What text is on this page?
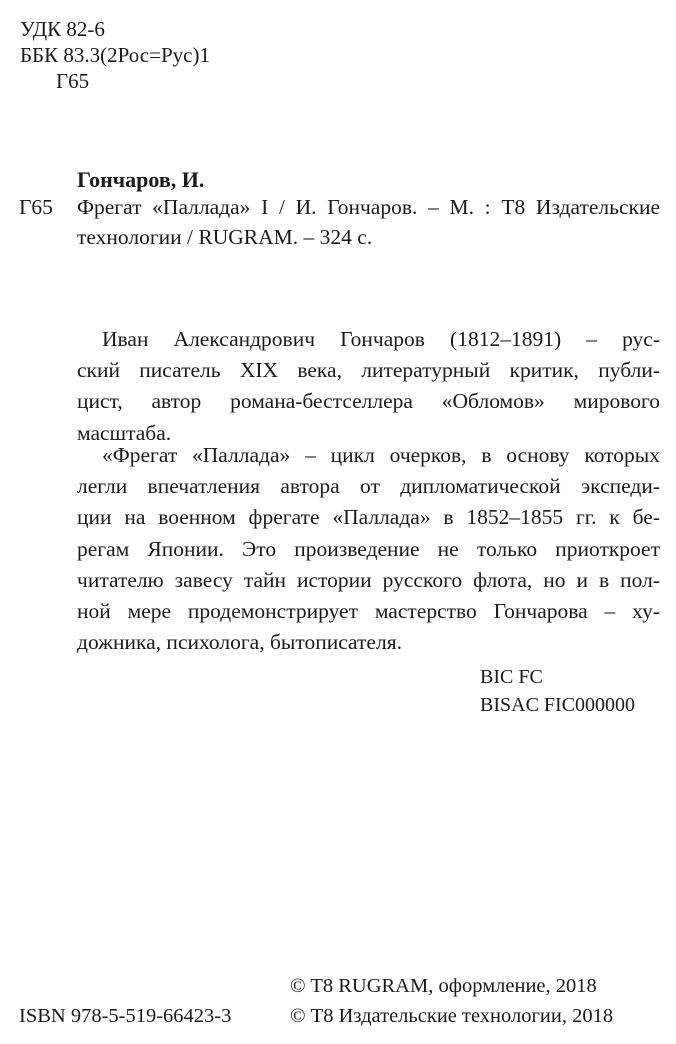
УДК 82-6
ББК 83.3(2Рос=Рус)1
Г65
Гончаров, И.
Г65 Фрегат «Паллада» I / И. Гончаров. – М. : Т8 Издательские
технологии / RUGRAM. – 324 с.
Иван Александрович Гончаров (1812–1891) – рус-
ский писатель XIX века, литературный критик, публи-
цист, автор романа-бестселлера «Обломов» мирового
масштаба.
«Фрегат «Паллада» – цикл очерков, в основу которых
легли впечатления автора от дипломатической экспеди-
ции на военном фрегате «Паллада» в 1852–1855 гг. к бе-
регам Японии. Это произведение не только приоткроет
читателю завесу тайн истории русского флота, но и в пол-
ной мере продемонстрирует мастерство Гончарова – ху-
дожника, психолога, бытописателя.
BIC FC
BISAC FIC000000
© T8 RUGRAM, оформление, 2018
ISBN 978-5-519-66423-3	© Т8 Издательские технологии, 2018
